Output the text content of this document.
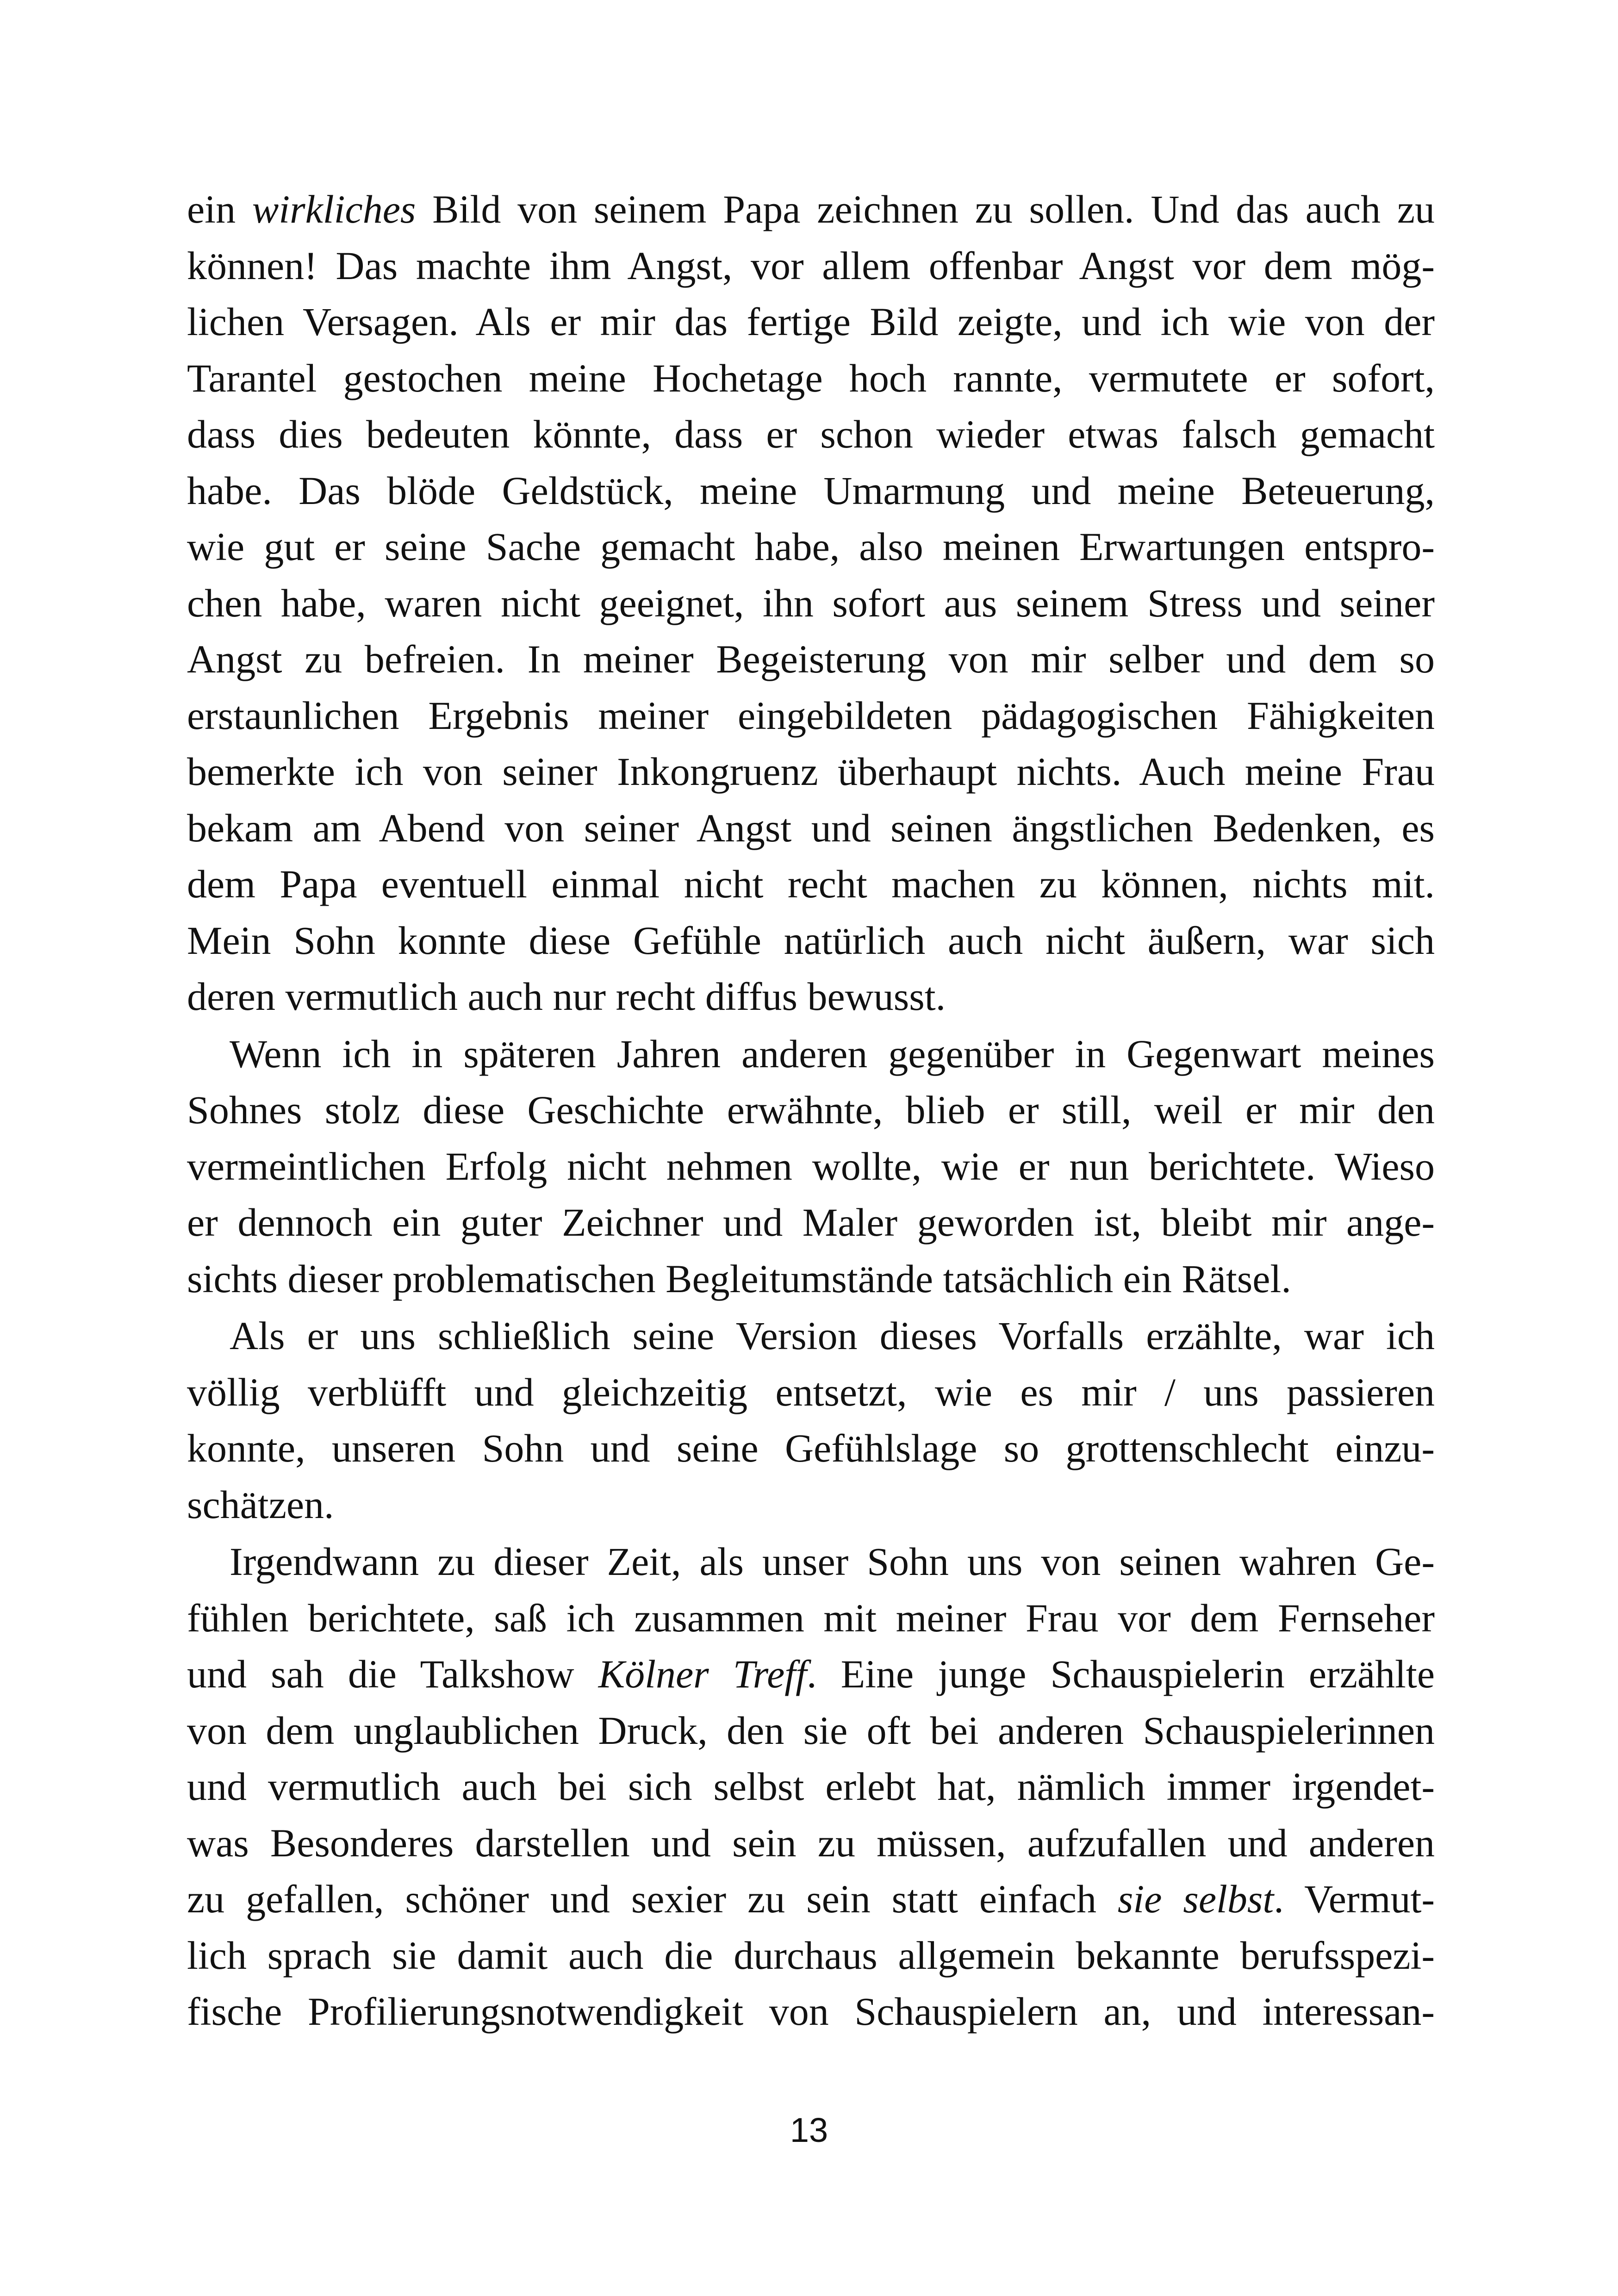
ein wirkliches Bild von seinem Papa zeichnen zu sollen. Und das auch zu
können! Das machte ihm Angst, vor allem offenbar Angst vor dem mög-
lichen Versagen. Als er mir das fertige Bild zeigte, und ich wie von der
Tarantel gestochen meine Hochetage hoch rannte, vermutete er sofort,
dass dies bedeuten könnte, dass er schon wieder etwas falsch gemacht
habe. Das blöde Geldstück, meine Umarmung und meine Beteuerung,
wie gut er seine Sache gemacht habe, also meinen Erwartungen entspro-
chen habe, waren nicht geeignet, ihn sofort aus seinem Stress und seiner
Angst zu befreien. In meiner Begeisterung von mir selber und dem so
erstaunlichen Ergebnis meiner eingebildeten pädagogischen Fähigkeiten
bemerkte ich von seiner Inkongruenz überhaupt nichts. Auch meine Frau
bekam am Abend von seiner Angst und seinen ängstlichen Bedenken, es
dem Papa eventuell einmal nicht recht machen zu können, nichts mit.
Mein Sohn konnte diese Gefühle natürlich auch nicht äußern, war sich
deren vermutlich auch nur recht diffus bewusst.
Wenn ich in späteren Jahren anderen gegenüber in Gegenwart meines
Sohnes stolz diese Geschichte erwähnte, blieb er still, weil er mir den
vermeintlichen Erfolg nicht nehmen wollte, wie er nun berichtete. Wieso
er dennoch ein guter Zeichner und Maler geworden ist, bleibt mir ange-
sichts dieser problematischen Begleitumstände tatsächlich ein Rätsel.
Als er uns schließlich seine Version dieses Vorfalls erzählte, war ich
völlig verblüfft und gleichzeitig entsetzt, wie es mir / uns passieren
konnte, unseren Sohn und seine Gefühlslage so grottenschlecht einzu-
schätzen.
Irgendwann zu dieser Zeit, als unser Sohn uns von seinen wahren Ge-
fühlen berichtete, saß ich zusammen mit meiner Frau vor dem Fernseher
und sah die Talkshow Kölner Treff. Eine junge Schauspielerin erzählte
von dem unglaublichen Druck, den sie oft bei anderen Schauspielerinnen
und vermutlich auch bei sich selbst erlebt hat, nämlich immer irgendet-
was Besonderes darstellen und sein zu müssen, aufzufallen und anderen
zu gefallen, schöner und sexier zu sein statt einfach sie selbst. Vermut-
lich sprach sie damit auch die durchaus allgemein bekannte berufsspezi-
fische Profilierungsnotwendigkeit von Schauspielern an, und interessan-
13
